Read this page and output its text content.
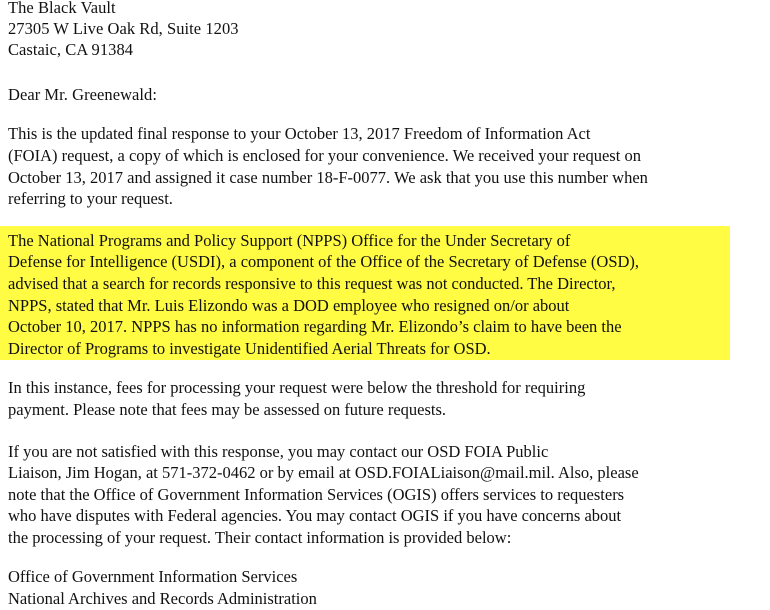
The Black Vault
27305 W Live Oak Rd, Suite 1203
Castaic, CA 91384
Dear Mr. Greenewald:
This is the updated final response to your October 13, 2017 Freedom of Information Act
(FOIA) request, a copy of which is enclosed for your convenience. We received your request on
October 13, 2017 and assigned it case number 18-F-0077. We ask that you use this number when
referring to your request.
The National Programs and Policy Support (NPPS) Office for the Under Secretary of
Defense for Intelligence (USDI), a component of the Office of the Secretary of Defense (OSD),
advised that a search for records responsive to this request was not conducted. The Director,
NPPS, stated that Mr. Luis Elizondo was a DOD employee who resigned on/or about
October 10, 2017. NPPS has no information regarding Mr. Elizondo’s claim to have been the
Director of Programs to investigate Unidentified Aerial Threats for OSD.
In this instance, fees for processing your request were below the threshold for requiring
payment. Please note that fees may be assessed on future requests.
If you are not satisfied with this response, you may contact our OSD FOIA Public
Liaison, Jim Hogan, at 571-372-0462 or by email at OSD.FOIALiaison@mail.mil. Also, please
note that the Office of Government Information Services (OGIS) offers services to requesters
who have disputes with Federal agencies. You may contact OGIS if you have concerns about
the processing of your request. Their contact information is provided below:
Office of Government Information Services
National Archives and Records Administration
